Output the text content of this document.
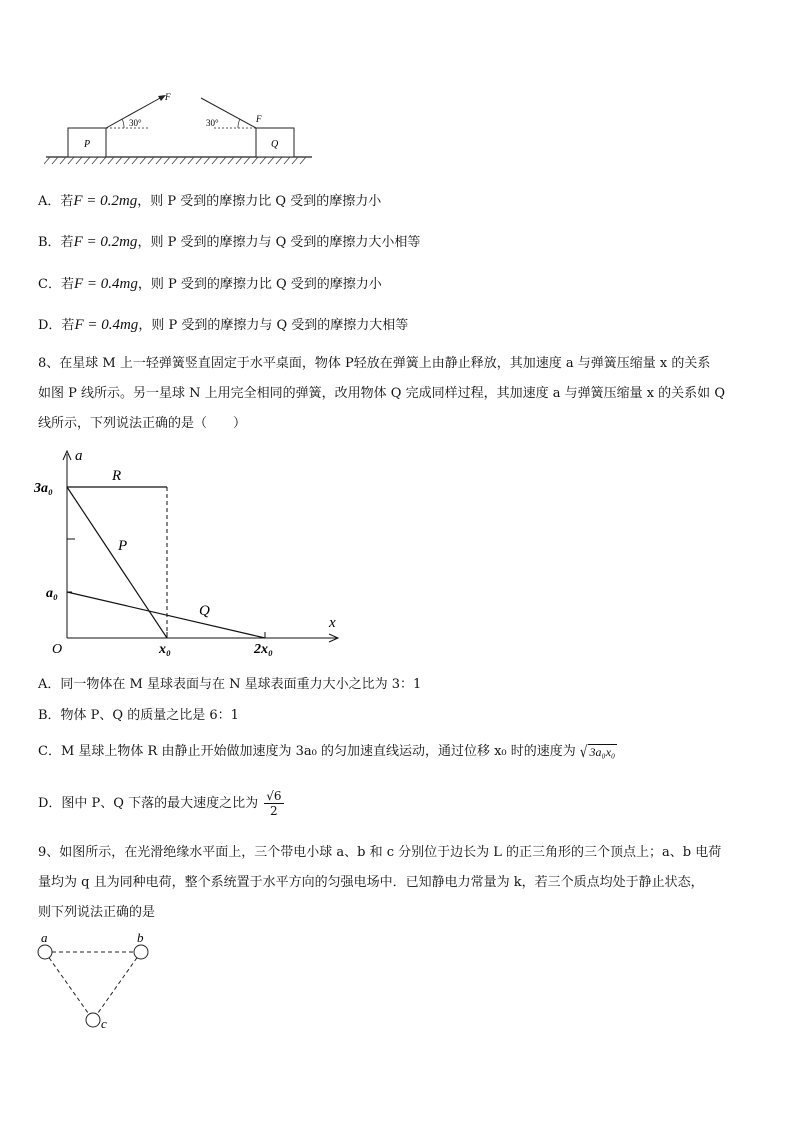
P	Q
F
30°	F
30°
A．若F = 0.2mg，则 P 受到的摩擦力比 Q 受到的摩擦力小
B．若F = 0.2mg，则 P 受到的摩擦力与 Q 受到的摩擦力大小相等
C．若F = 0.4mg，则 P 受到的摩擦力比 Q 受到的摩擦力小
D．若F = 0.4mg，则 P 受到的摩擦力与 Q 受到的摩擦力大相等
8、在星球 M 上一轻弹簧竖直固定于水平桌面，物体 P轻放在弹簧上由静止释放，其加速度 a 与弹簧压缩量 x 的关系
如图 P 线所示。另一星球 N 上用完全相同的弹簧，改用物体 Q 完成同样过程，其加速度 a 与弹簧压缩量 x 的关系如 Q
线所示，下列说法正确的是（　　）
a
x
O
3a₀
a₀
x₀	2x₀
R
P
Q
A．同一物体在 M 星球表面与在 N 星球表面重力大小之比为 3：1
B．物体 P、Q 的质量之比是 6：1
C．M 星球上物体 R 由静止开始做加速度为 3a₀ 的匀加速直线运动，通过位移 x₀ 时的速度为 √ 3a₀x₀
D．图中 P、Q 下落的最大速度之比为 $\frac{√6}{2}$
9、如图所示，在光滑绝缘水平面上，三个带电小球 a、b 和 c 分别位于边长为 L 的正三角形的三个顶点上；a、b 电荷
量均为 q 且为同种电荷，整个系统置于水平方向的匀强电场中．已知静电力常量为 k，若三个质点均处于静止状态，
则下列说法正确的是
a	b
c
